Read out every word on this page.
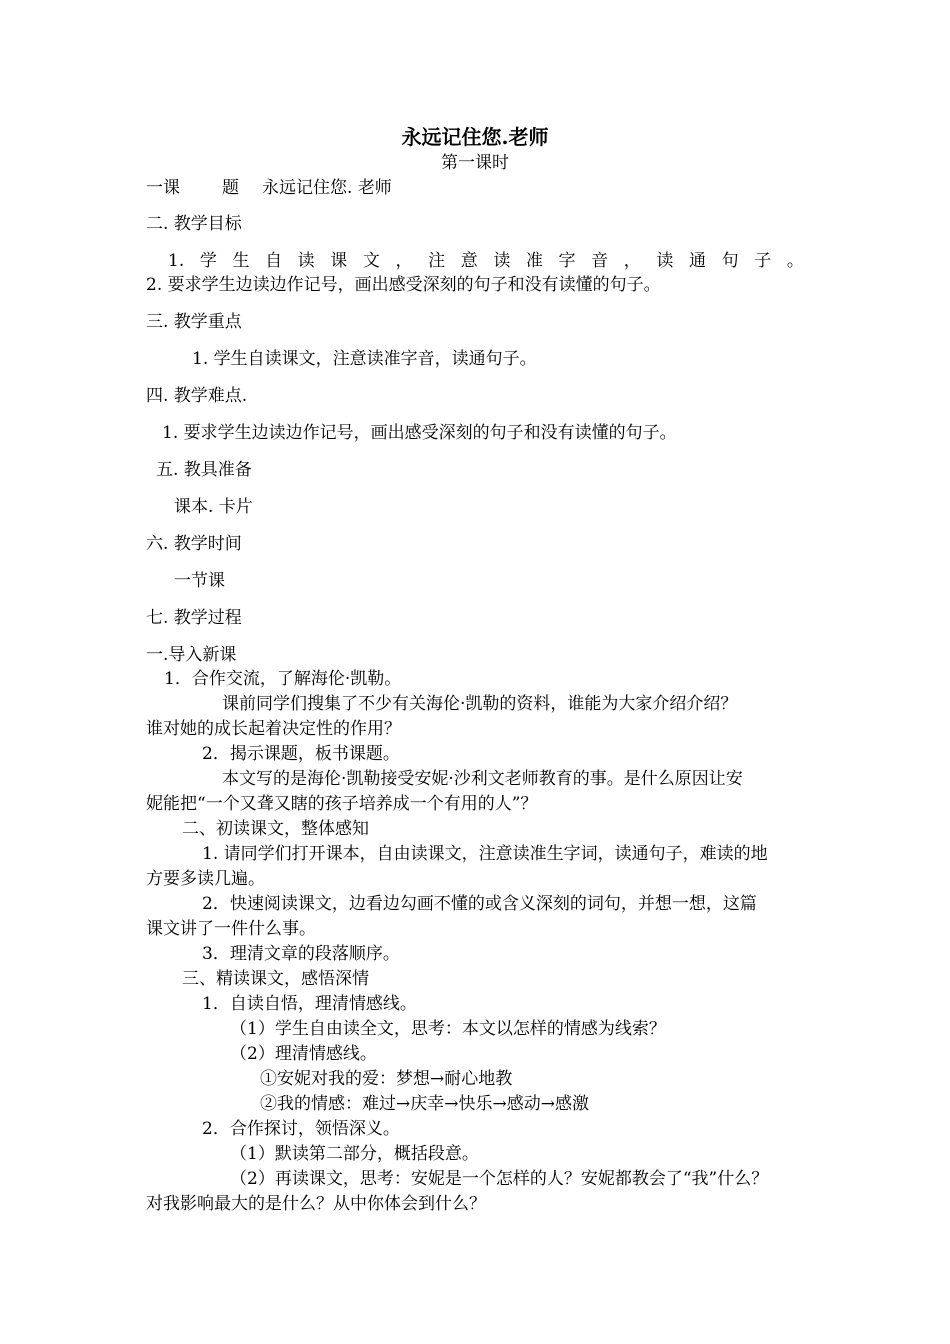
永远记住您.老师
第一课时
一课 题 永远记住您. 老师
二. 教学目标
1. 学 生 自 读 课 文 ， 注 意 读 准 字 音 ， 读 通 句 子 。
2. 要求学生边读边作记号，画出感受深刻的句子和没有读懂的句子。
三. 教学重点
1. 学生自读课文，注意读准字音，读通句子。
四. 教学难点.
1. 要求学生边读边作记号，画出感受深刻的句子和没有读懂的句子。
五. 教具准备
课本. 卡片
六. 教学时间
一节课
七. 教学过程
一.导入新课
1．合作交流，了解海伦·凯勒。
课前同学们搜集了不少有关海伦·凯勒的资料，谁能为大家介绍介绍？
谁对她的成长起着决定性的作用？
2．揭示课题，板书课题。
本文写的是海伦·凯勒接受安妮·沙利文老师教育的事。是什么原因让安
妮能把“一个又聋又瞎的孩子培养成一个有用的人”？
二、初读课文，整体感知
1. 请同学们打开课本，自由读课文，注意读准生字词，读通句子，难读的地
方要多读几遍。
2．快速阅读课文，边看边勾画不懂的或含义深刻的词句，并想一想，这篇
课文讲了一件什么事。
3．理清文章的段落顺序。
三、精读课文，感悟深情
1．自读自悟，理清情感线。
（1）学生自由读全文，思考：本文以怎样的情感为线索？
（2）理清情感线。
①安妮对我的爱：梦想→耐心地教
②我的情感：难过→庆幸→快乐→感动→感激
2．合作探讨，领悟深义。
（1）默读第二部分，概括段意。
（2）再读课文，思考：安妮是一个怎样的人？安妮都教会了“我”什么？
对我影响最大的是什么？从中你体会到什么？
